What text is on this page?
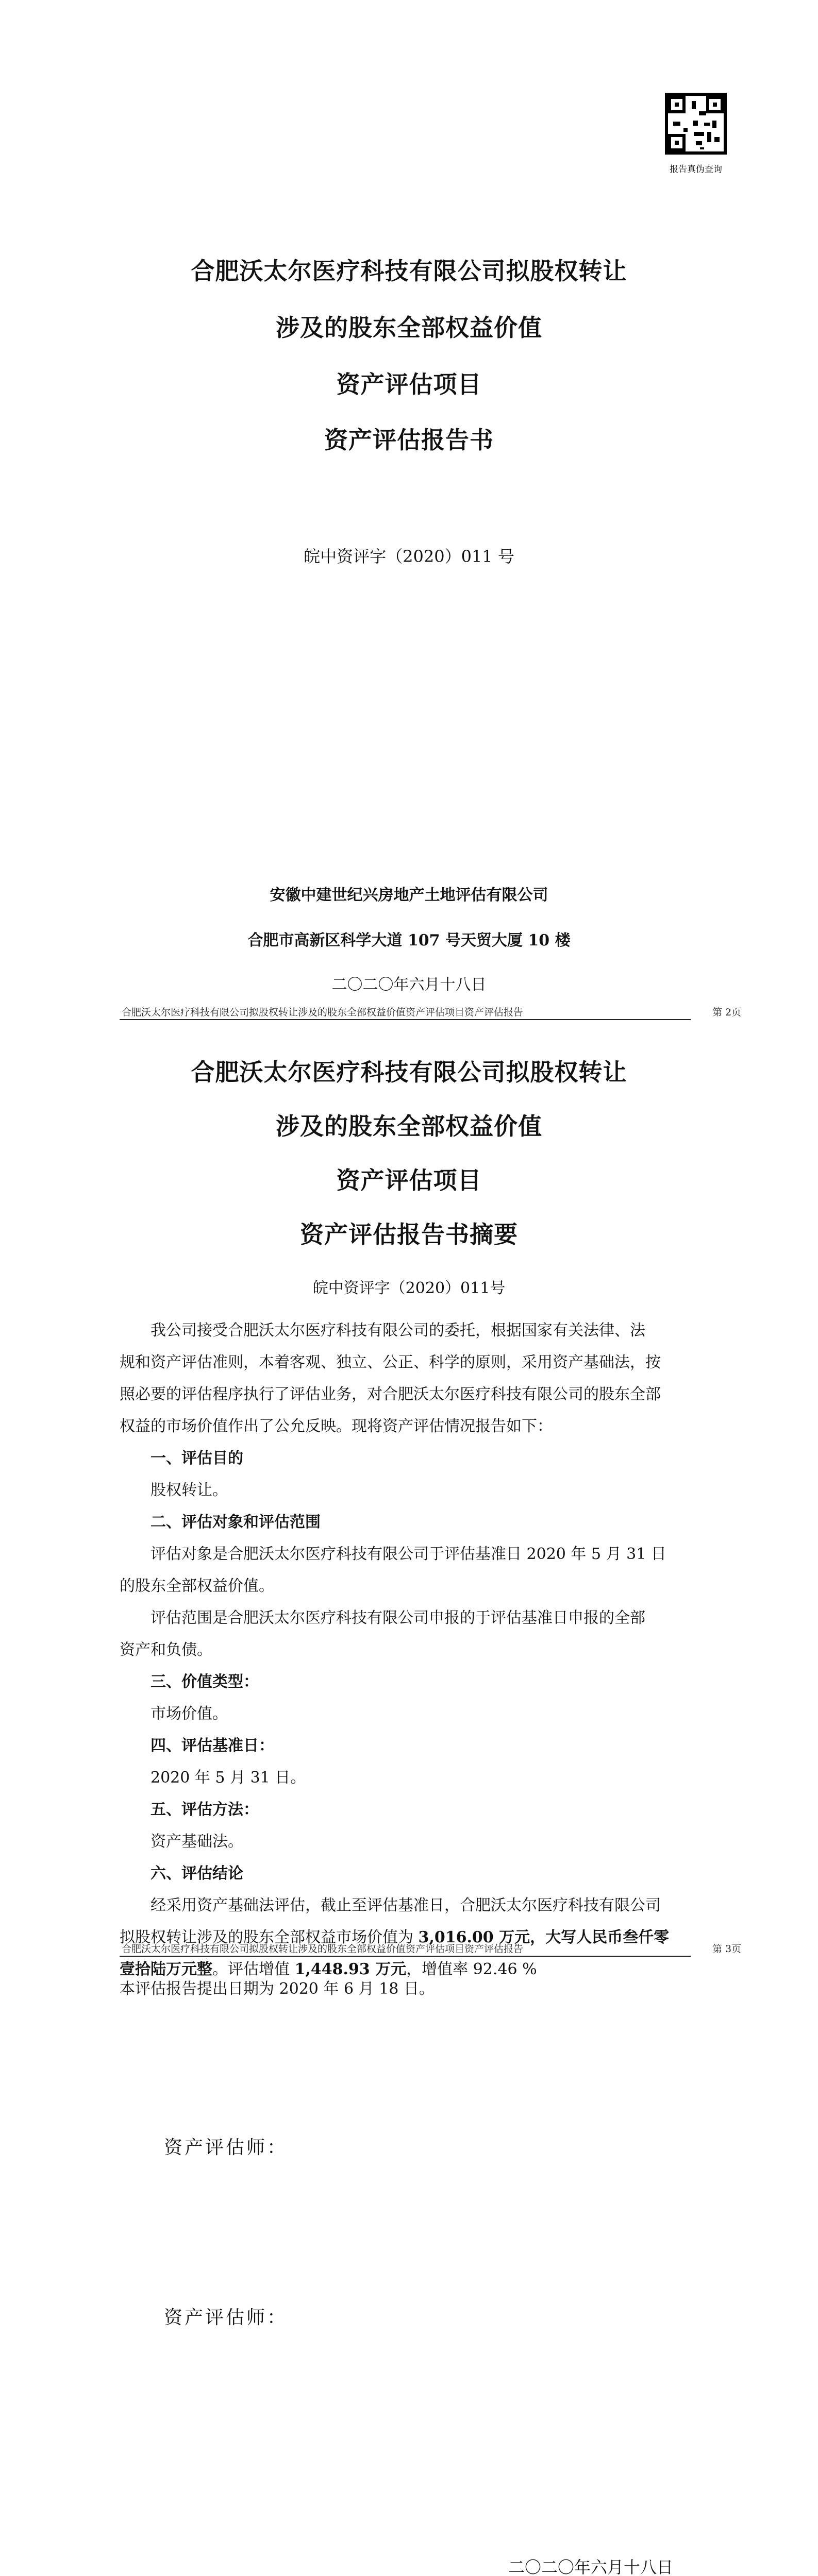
报告真伪查询
合肥沃太尔医疗科技有限公司拟股权转让
涉及的股东全部权益价值
资产评估项目
资产评估报告书
皖中资评字（2020）011 号
安徽中建世纪兴房地产土地评估有限公司
合肥市高新区科学大道 107 号天贸大厦 10 楼
二〇二〇年六月十八日
合肥沃太尔医疗科技有限公司拟股权转让涉及的股东全部权益价值资产评估项目资产评估报告	第 2页
合肥沃太尔医疗科技有限公司拟股权转让
涉及的股东全部权益价值
资产评估项目
资产评估报告书摘要
皖中资评字（2020）011号
我公司接受合肥沃太尔医疗科技有限公司的委托，根据国家有关法律、法
规和资产评估准则，本着客观、独立、公正、科学的原则，采用资产基础法，按
照必要的评估程序执行了评估业务，对合肥沃太尔医疗科技有限公司的股东全部
权益的市场价值作出了公允反映。现将资产评估情况报告如下：
一、评估目的
股权转让。
二、评估对象和评估范围
评估对象是合肥沃太尔医疗科技有限公司于评估基准日 2020 年 5 月 31 日
的股东全部权益价值。
评估范围是合肥沃太尔医疗科技有限公司申报的于评估基准日申报的全部
资产和负债。
三、价值类型：
市场价值。
四、评估基准日：
2020 年 5 月 31 日。
五、评估方法：
资产基础法。
六、评估结论
经采用资产基础法评估，截止至评估基准日，合肥沃太尔医疗科技有限公司
拟股权转让涉及的股东全部权益市场价值为 3,016.00 万元，大写人民币叁仟零
壹拾陆万元整。评估增值 1,448.93 万元，增值率 92.46 %
合肥沃太尔医疗科技有限公司拟股权转让涉及的股东全部权益价值资产评估项目资产评估报告	第 3页
本评估报告提出日期为 2020 年 6 月 18 日。
资产评估师：
资产评估师：
二〇二〇年六月十八日
